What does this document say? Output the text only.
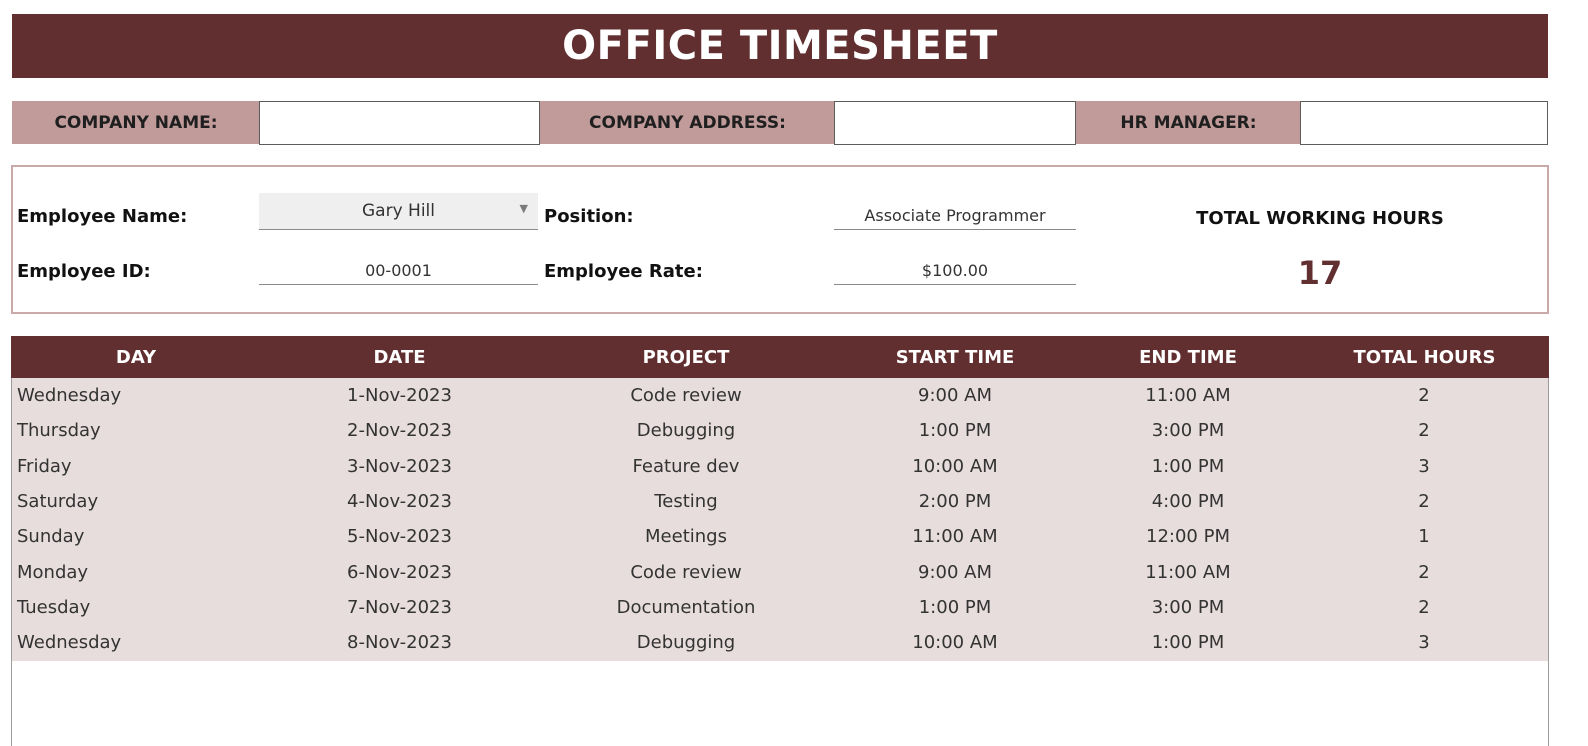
OFFICE TIMESHEET
COMPANY NAME:	COMPANY ADDRESS:	HR MANAGER:
Employee Name:	Gary Hill	▼
Employee ID:	00-0001
Position:	Associate Programmer
Employee Rate:	$100.00
TOTAL WORKING HOURS
17
DAY	DATE	PROJECT	START TIME	END TIME	TOTAL HOURS
Wednesday	1-Nov-2023	Code review	9:00 AM	11:00 AM	2
Thursday	2-Nov-2023	Debugging	1:00 PM	3:00 PM	2
Friday	3-Nov-2023	Feature dev	10:00 AM	1:00 PM	3
Saturday	4-Nov-2023	Testing	2:00 PM	4:00 PM	2
Sunday	5-Nov-2023	Meetings	11:00 AM	12:00 PM	1
Monday	6-Nov-2023	Code review	9:00 AM	11:00 AM	2
Tuesday	7-Nov-2023	Documentation	1:00 PM	3:00 PM	2
Wednesday	8-Nov-2023	Debugging	10:00 AM	1:00 PM	3
